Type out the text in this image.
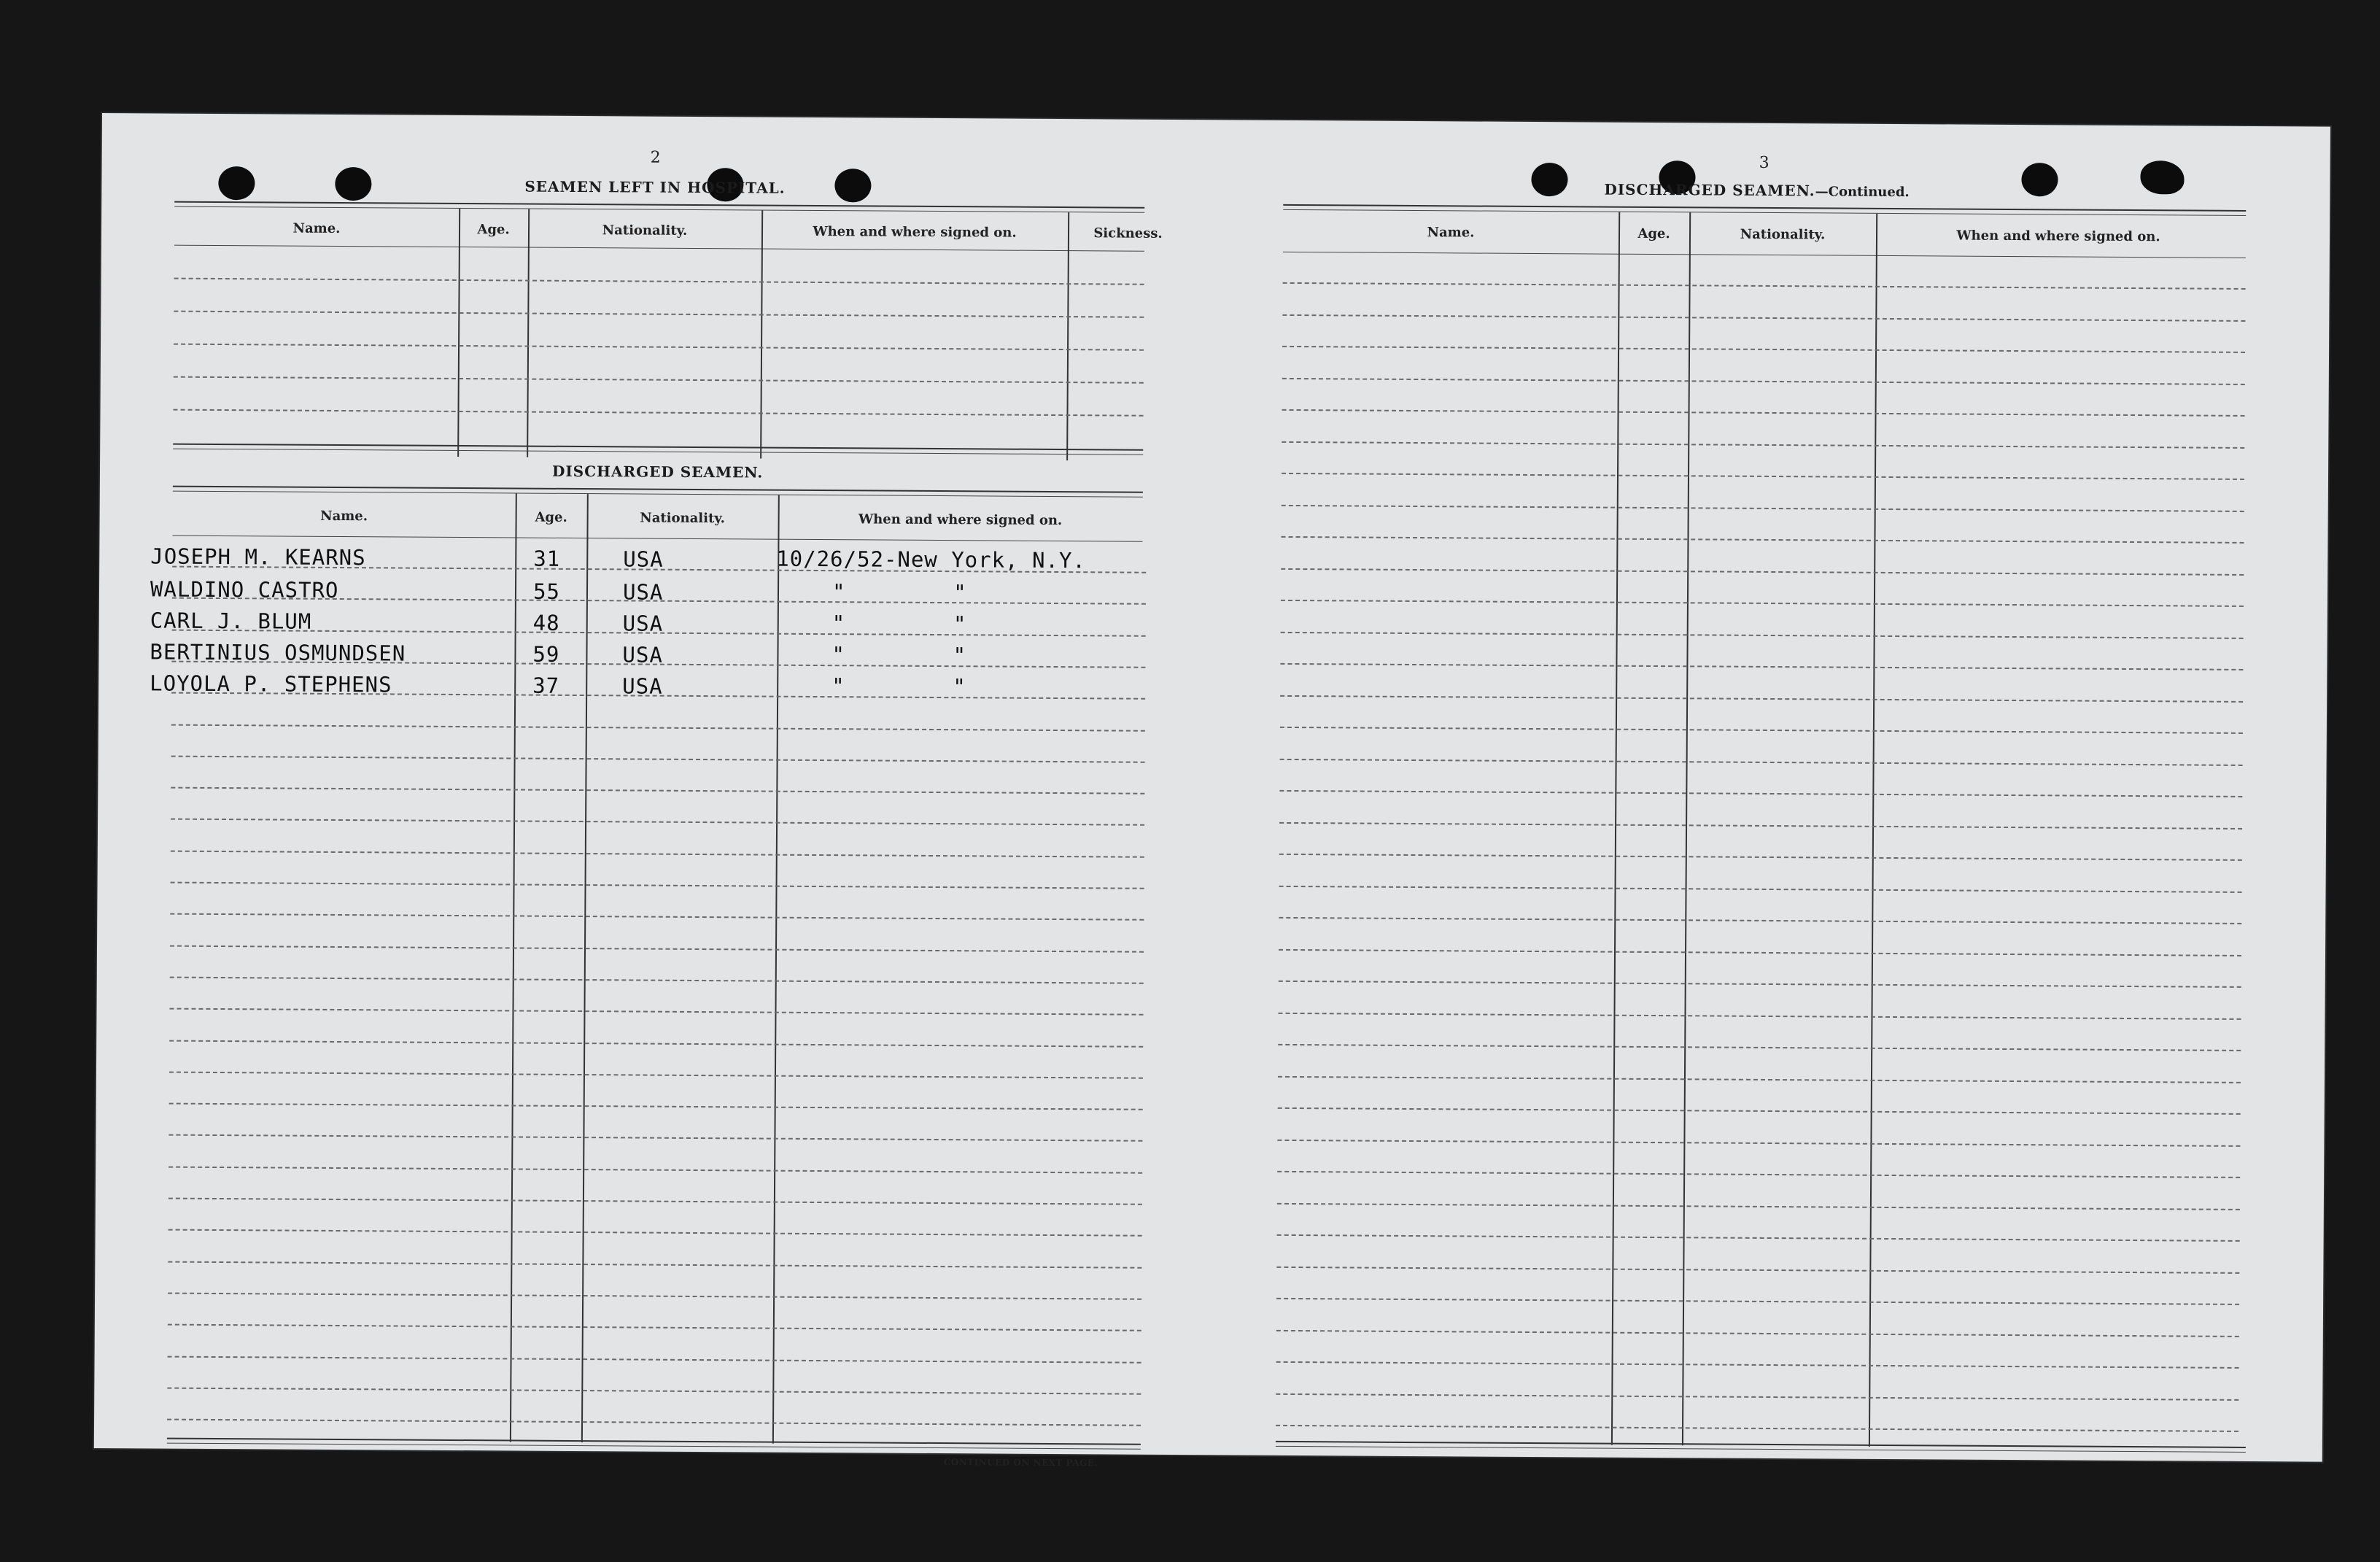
2
SEAMEN LEFT IN HOSPITAL.
Name.	Age.	Nationality.	When and where signed on.	Sickness.
DISCHARGED SEAMEN.
Name.	Age.	Nationality.	When and where signed on.
JOSEPH M. KEARNS	31	USA	10/26/52-New York, N.Y.
WALDINO CASTRO	55	USA	"        "
CARL J. BLUM	48	USA	"        "
BERTINIUS OSMUNDSEN	59	USA	"        "
LOYOLA P. STEPHENS	37	USA	"        "
CONTINUED ON NEXT PAGE.
3
DISCHARGED SEAMEN.—Continued.
Name.	Age.	Nationality.	When and where signed on.
